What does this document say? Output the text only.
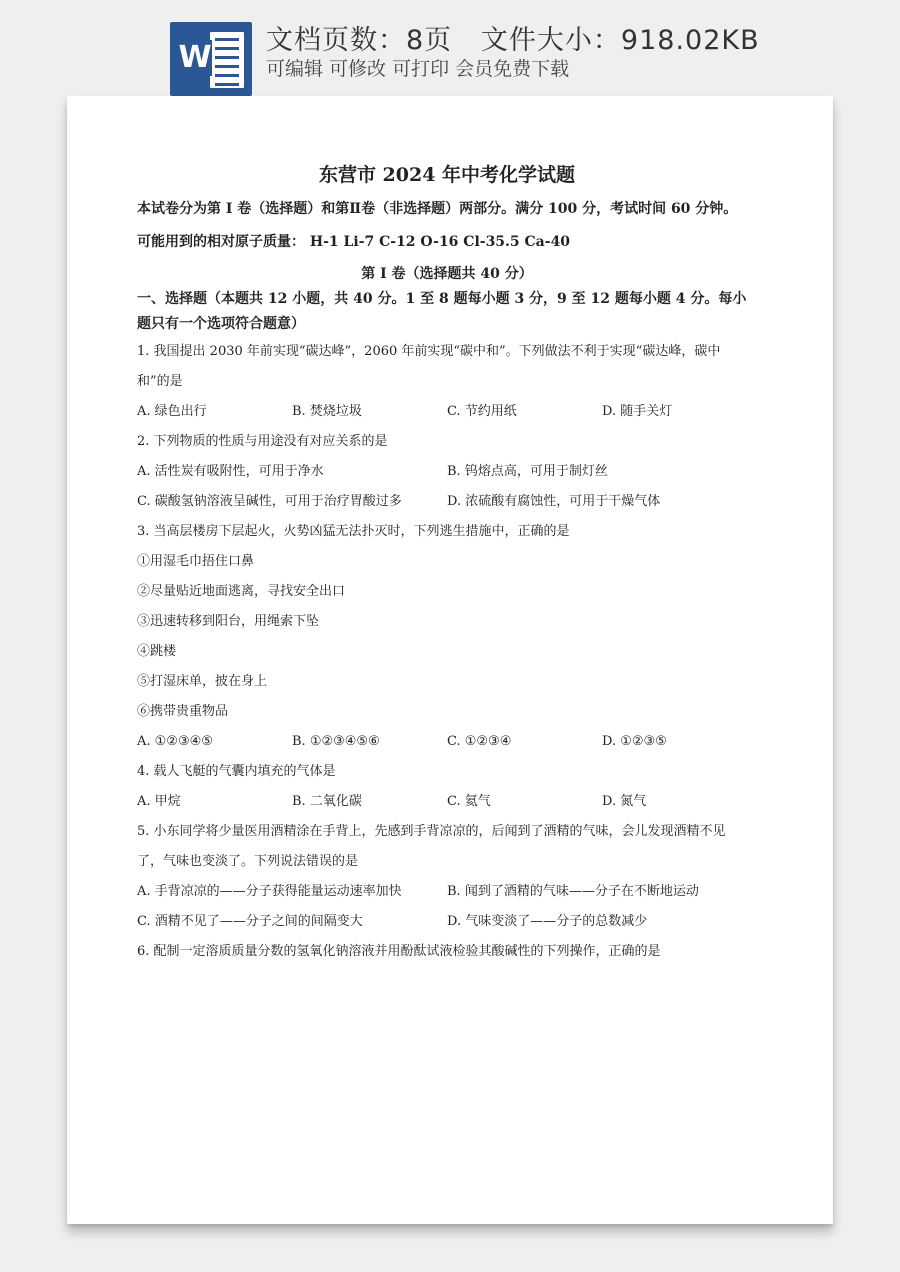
W 文档页数：8页   文件大小：918.02KB
可编辑 可修改 可打印 会员免费下载
东营市 2024 年中考化学试题
本试卷分为第 I 卷（选择题）和第Ⅱ卷（非选择题）两部分。满分 100 分，考试时间 60 分钟。
可能用到的相对原子质量： H-1 Li-7 C-12 O-16 Cl-35.5 Ca-40
第 I 卷（选择题共 40 分）
一、选择题（本题共 12 小题，共 40 分。1 至 8 题每小题 3 分，9 至 12 题每小题 4 分。每小题只有一个选项符合题意）
1. 我国提出 2030 年前实现“碳达峰”，2060 年前实现“碳中和”。下列做法不利于实现“碳达峰，碳中
和”的是
A. 绿色出行	B. 焚烧垃圾	C. 节约用纸	D. 随手关灯
2. 下列物质的性质与用途没有对应关系的是
A. 活性炭有吸附性，可用于净水	B. 钨熔点高，可用于制灯丝
C. 碳酸氢钠溶液呈碱性，可用于治疗胃酸过多	D. 浓硫酸有腐蚀性，可用于干燥气体
3. 当高层楼房下层起火，火势凶猛无法扑灭时，下列逃生措施中，正确的是
①用湿毛巾捂住口鼻
②尽量贴近地面逃离，寻找安全出口
③迅速转移到阳台，用绳索下坠
④跳楼
⑤打湿床单，披在身上
⑥携带贵重物品
A. ①②③④⑤	B. ①②③④⑤⑥	C. ①②③④	D. ①②③⑤
4. 载人飞艇的气囊内填充的气体是
A. 甲烷	B. 二氧化碳	C. 氦气	D. 氮气
5. 小东同学将少量医用酒精涂在手背上，先感到手背凉凉的，后闻到了酒精的气味，会儿发现酒精不见
了，气味也变淡了。下列说法错误的是
A. 手背凉凉的——分子获得能量运动速率加快	B. 闻到了酒精的气味——分子在不断地运动
C. 酒精不见了——分子之间的间隔变大	D. 气味变淡了——分子的总数减少
6. 配制一定溶质质量分数的氢氧化钠溶液并用酚酞试液检验其酸碱性的下列操作，正确的是
